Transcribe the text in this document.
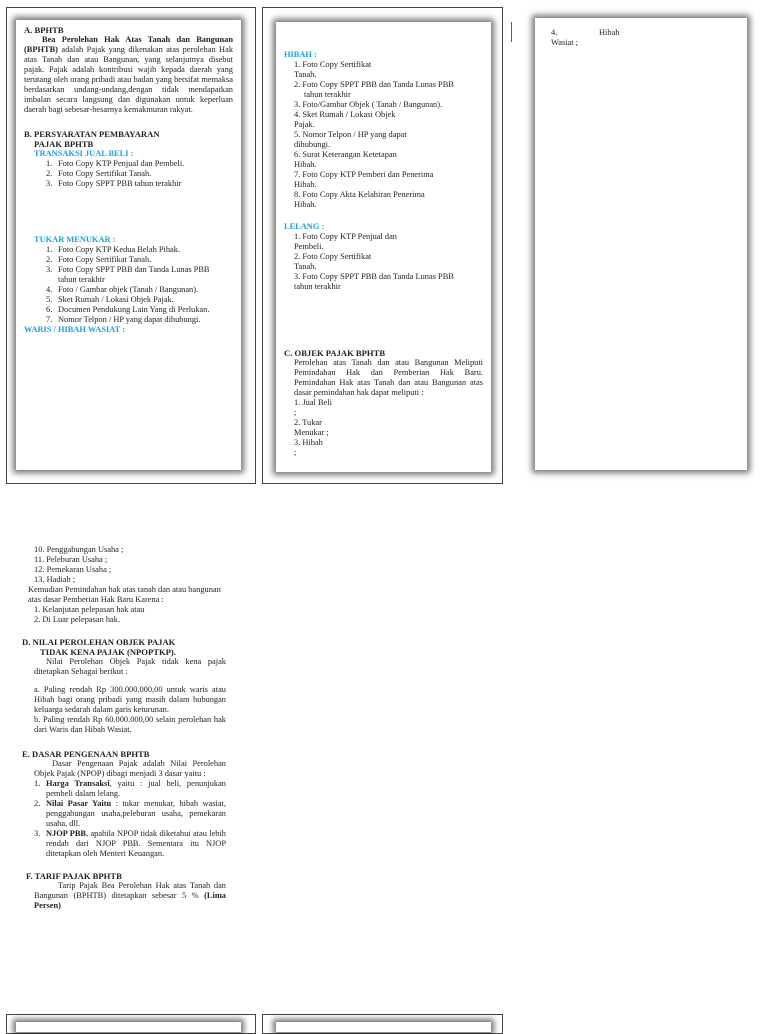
A. BPHTB
Bea Perolehan Hak Atas Tanah dan Bangunan (BPHTB) adalah Pajak yang dikenakan atas perolehan Hak atas Tanah dan atau Bangunan, yang selanjutnya disebut pajak. Pajak adalah kontribusi wajib kepada daerah yang terutang oleh orang pribadi atau badan yang bersifat memaksa berdasarkan undang-undang,dengan tidak mendapatkan imbalan secara langsung dan digunakan untuk keperluan daerah bagi sebesar-besarnya kemakmuran rakyat.
B. PERSYARATAN PEMBAYARAN
PAJAK BPHTB
TRANSAKSI JUAL BELI :
1. Foto Copy KTP Penjual dan Pembeli.
2. Foto Copy Sertifikat Tanah.
3. Foto Copy SPPT PBB tahun terakhir
TUKAR MENUKAR :
1. Foto Copy KTP Kedua Belah Pihak.
2. Foto Copy Sertifikat Tanah.
3. Foto Copy SPPT PBB dan Tanda Lunas PBB
tahun terakhir
4. Foto / Gambar objek (Tanah / Bangunan).
5. Sket Rumah / Lokasi Objek Pajak.
6. Documen Pendukung Lain Yang di Perlukan.
7. Nomor Telpon / HP yang dapat dihubungi.
WARIS / HIBAH WASIAT :
HIBAH :
1. Foto Copy Sertifikat
Tanah.
2. Foto Copy SPPT PBB dan Tanda Lunas PBB
tahun terakhir
3. Foto/Gambar Objek ( Tanah / Bangunan).
4. Sket Rumah / Lokasi Objek
Pajak.
5. Nomor Telpon / HP yang dapat
dihubungi.
6. Surat Keterangan Ketetapan
Hibah.
7. Foto Copy KTP Pemberi dan Penerima
Hibah.
8. Foto Copy Akta Kelahiran Penerima
Hibah.
LELANG :
1. Foto Copy KTP Penjual dan
Pembeli.
2. Foto Copy Sertifikat
Tanah.
3. Foto Copy SPPT PBB dan Tanda Lunas PBB
tahun terakhir
C. OBJEK PAJAK BPHTB
Perolehan atas Tanah dan atau Bangunan Meliputi Pemindahan Hak dan Pemberian Hak Baru. Pemindahan Hak atas Tanah dan atau Bangunan atas dasar pemindahan hak dapat meliputi :
1. Jual Beli
;
2. Tukar
Menukar ;
3. Hibah
;
4.	Hibah
Wasiat ;
10. Penggabungan Usaha ;
11. Peleburan Usaha ;
12. Pemekaran Usaha ;
13. Hadiah ;
Kemudian Pemindahan hak atas tanah dan atau bangunan atas dasar Pemberian Hak Baru Karena :
1. Kelanjutan pelepasan hak atau
2. Di Luar pelepasan hak.
D. NILAI PEROLEHAN OBJEK PAJAK
TIDAK KENA PAJAK (NPOPTKP).
Nilai Perolehan Objek Pajak tidak kena pajak ditetapkan Sebagai berikut :
a. Paling rendah Rp 300.000.000,00 untuk waris atau Hibah bagi orang pribadi yang masih dalam hubungan keluarga sedarah dalam garis keturunan.
b. Paling rendah Rp 60.000.000,00 selain perolehan hak dari Waris dan Hibah Wasiat.
E. DASAR PENGENAAN BPHTB
Dasar Pengenaan Pajak adalah Nilai Perolehan Objek Pajak (NPOP) dibagi menjadi 3 dasar yaitu :
1. Harga Transaksi, yaitu : jual beli, penunjukan pembeli dalam lelang.
2. Nilai Pasar Yaitu : tukar menukar, hibah wasiat, penggabungan usaha,peleburan usaha, pemekaran usaha, dll.
3. NJOP PBB, apabila NPOP tidak diketahui atau lebih rendah dari NJOP PBB. Sementara itu NJOP ditetapkan oleh Menteri Keuangan.
F. TARIF PAJAK BPHTB
Tarip Pajak Bea Perolehan Hak atas Tanah dan Bangunan (BPHTB) ditetapkan sebesar 5 % (Lima Persen)
